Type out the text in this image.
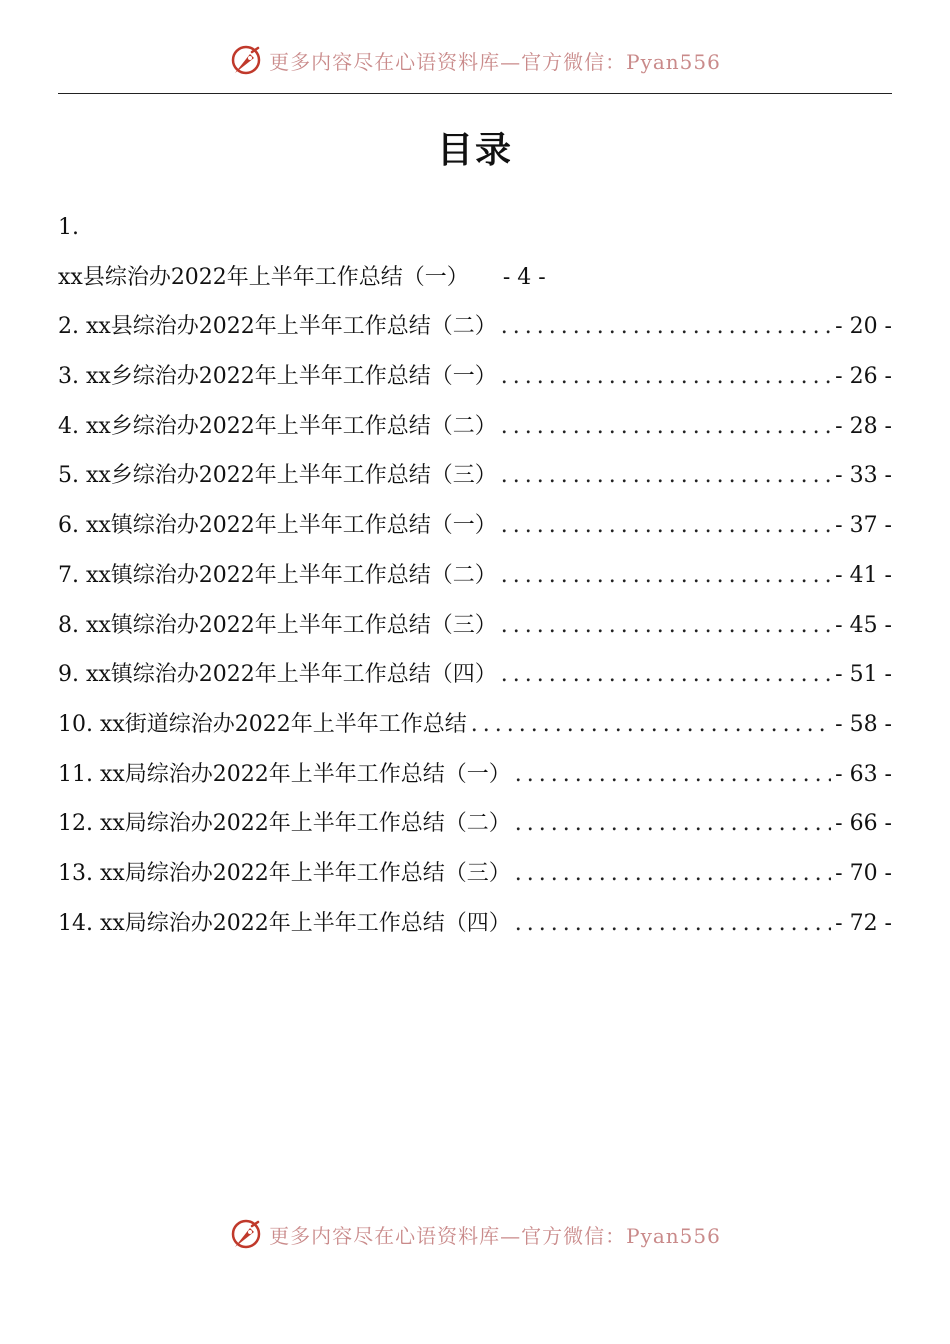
更多内容尽在心语资料库—官方微信：Pyan556
目录
1.
xx县综治办2022年上半年工作总结（一） - 4 -
2. xx县综治办2022年上半年工作总结（二） .....	- 20 -
3. xx乡综治办2022年上半年工作总结（一） .....	- 26 -
4. xx乡综治办2022年上半年工作总结（二） .....	- 28 -
5. xx乡综治办2022年上半年工作总结（三） .....	- 33 -
6. xx镇综治办2022年上半年工作总结（一） .....	- 37 -
7. xx镇综治办2022年上半年工作总结（二） .....	- 41 -
8. xx镇综治办2022年上半年工作总结（三） .....	- 45 -
9. xx镇综治办2022年上半年工作总结（四） .....	- 51 -
10. xx街道综治办2022年上半年工作总结 .....	- 58 -
11. xx局综治办2022年上半年工作总结（一） .....	- 63 -
12. xx局综治办2022年上半年工作总结（二） .....	- 66 -
13. xx局综治办2022年上半年工作总结（三） .....	- 70 -
14. xx局综治办2022年上半年工作总结（四） .....	- 72 -
更多内容尽在心语资料库—官方微信：Pyan556
